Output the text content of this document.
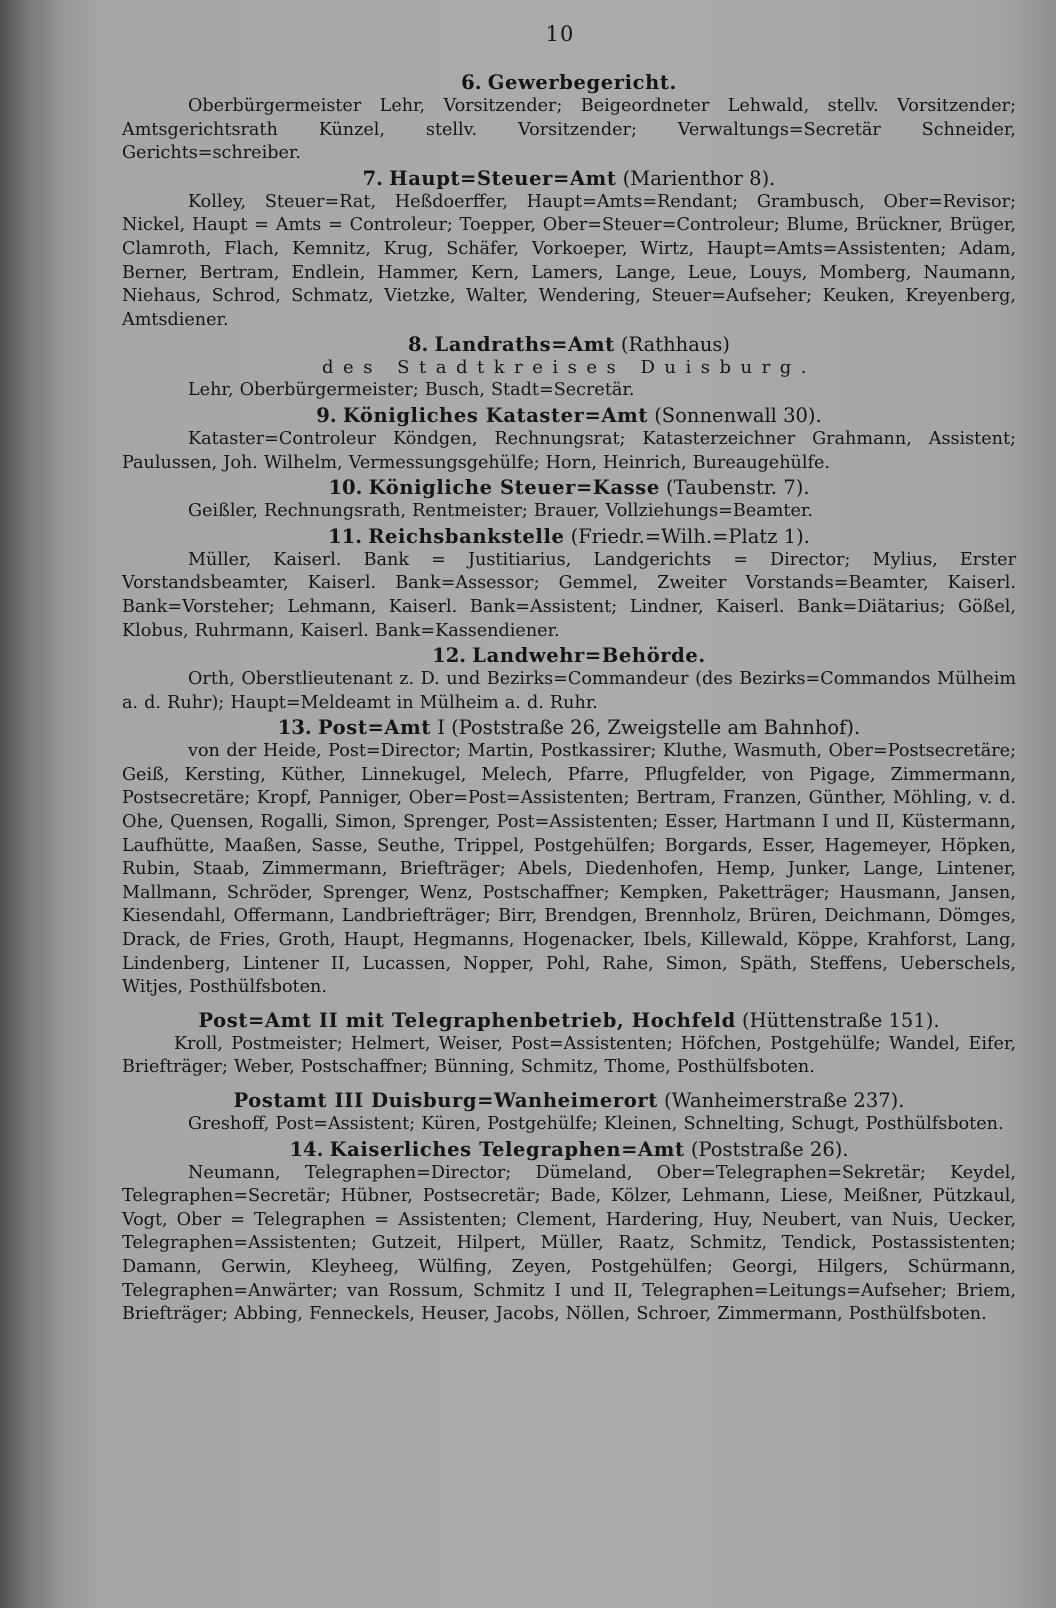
10
6. Gewerbegericht.

Oberbürgermeister Lehr, Vorsitzender; Beigeordneter Lehwald, stellv. Vorsitzender; Amtsgerichtsrath Künzel, stellv. Vorsitzender; Verwaltungs=Secretär Schneider, Gerichts=schreiber.

7. Haupt=Steuer=Amt (Marienthor 8).

Kolley, Steuer=Rat, Heßdoerffer, Haupt=Amts=Rendant; Grambusch, Ober=Revisor; Nickel, Haupt = Amts = Controleur; Toepper, Ober=Steuer=Controleur; Blume, Brückner, Brüger, Clamroth, Flach, Kemnitz, Krug, Schäfer, Vorkoeper, Wirtz, Haupt=Amts=Assistenten; Adam, Berner, Bertram, Endlein, Hammer, Kern, Lamers, Lange, Leue, Louys, Momberg, Naumann, Niehaus, Schrod, Schmatz, Vietzke, Walter, Wendering, Steuer=Aufseher; Keuken, Kreyenberg, Amtsdiener.

8. Landraths=Amt (Rathhaus)

des Stadtkreises Duisburg.

Lehr, Oberbürgermeister; Busch, Stadt=Secretär.

9. Königliches Kataster=Amt (Sonnenwall 30).

Kataster=Controleur Köndgen, Rechnungsrat; Katasterzeichner Grahmann, Assistent; Paulussen, Joh. Wilhelm, Vermessungsgehülfe; Horn, Heinrich, Bureaugehülfe.

10. Königliche Steuer=Kasse (Taubenstr. 7).

Geißler, Rechnungsrath, Rentmeister; Brauer, Vollziehungs=Beamter.

11. Reichsbankstelle (Friedr.=Wilh.=Platz 1).

Müller, Kaiserl. Bank = Justitiarius, Landgerichts = Director; Mylius, Erster Vorstandsbeamter, Kaiserl. Bank=Assessor; Gemmel, Zweiter Vorstands=Beamter, Kaiserl. Bank=Vorsteher; Lehmann, Kaiserl. Bank=Assistent; Lindner, Kaiserl. Bank=Diätarius; Gößel, Klobus, Ruhrmann, Kaiserl. Bank=Kassendiener.

12. Landwehr=Behörde.

Orth, Oberstlieutenant z. D. und Bezirks=Commandeur (des Bezirks=Commandos Mülheim a. d. Ruhr); Haupt=Meldeamt in Mülheim a. d. Ruhr.

13. Post=Amt I (Poststraße 26, Zweigstelle am Bahnhof).

von der Heide, Post=Director; Martin, Postkassirer; Kluthe, Wasmuth, Ober=Postsecretäre; Geiß, Kersting, Küther, Linnekugel, Melech, Pfarre, Pflugfelder, von Pigage, Zimmermann, Postsecretäre; Kropf, Panniger, Ober=Post=Assistenten; Bertram, Franzen, Günther, Möhling, v. d. Ohe, Quensen, Rogalli, Simon, Sprenger, Post=Assistenten; Esser, Hartmann I und II, Küstermann, Laufhütte, Maaßen, Sasse, Seuthe, Trippel, Postgehülfen; Borgards, Esser, Hagemeyer, Höpken, Rubin, Staab, Zimmermann, Briefträger; Abels, Diedenhofen, Hemp, Junker, Lange, Lintener, Mallmann, Schröder, Sprenger, Wenz, Postschaffner; Kempken, Paketträger; Hausmann, Jansen, Kiesendahl, Offermann, Landbriefträger; Birr, Brendgen, Brennholz, Brüren, Deichmann, Dömges, Drack, de Fries, Groth, Haupt, Hegmanns, Hogenacker, Ibels, Killewald, Köppe, Krahforst, Lang, Lindenberg, Lintener II, Lucassen, Nopper, Pohl, Rahe, Simon, Späth, Steffens, Ueberschels, Witjes, Posthülfsboten.

Post=Amt II mit Telegraphenbetrieb, Hochfeld (Hüttenstraße 151).

Kroll, Postmeister; Helmert, Weiser, Post=Assistenten; Höfchen, Postgehülfe; Wandel, Eifer, Briefträger; Weber, Postschaffner; Bünning, Schmitz, Thome, Posthülfsboten.

Postamt III Duisburg=Wanheimerort (Wanheimerstraße 237).

Greshoff, Post=Assistent; Küren, Postgehülfe; Kleinen, Schnelting, Schugt, Posthülfsboten.

14. Kaiserliches Telegraphen=Amt (Poststraße 26).

Neumann, Telegraphen=Director; Dümeland, Ober=Telegraphen=Sekretär; Keydel, Telegraphen=Secretär; Hübner, Postsecretär; Bade, Kölzer, Lehmann, Liese, Meißner, Pützkaul, Vogt, Ober = Telegraphen = Assistenten; Clement, Hardering, Huy, Neubert, van Nuis, Uecker, Telegraphen=Assistenten; Gutzeit, Hilpert, Müller, Raatz, Schmitz, Tendick, Postassistenten; Damann, Gerwin, Kleyheeg, Wülfing, Zeyen, Postgehülfen; Georgi, Hilgers, Schürmann, Telegraphen=Anwärter; van Rossum, Schmitz I und II, Telegraphen=Leitungs=Aufseher; Briem, Briefträger; Abbing, Fenneckels, Heuser, Jacobs, Nöllen, Schroer, Zimmermann, Posthülfsboten.
